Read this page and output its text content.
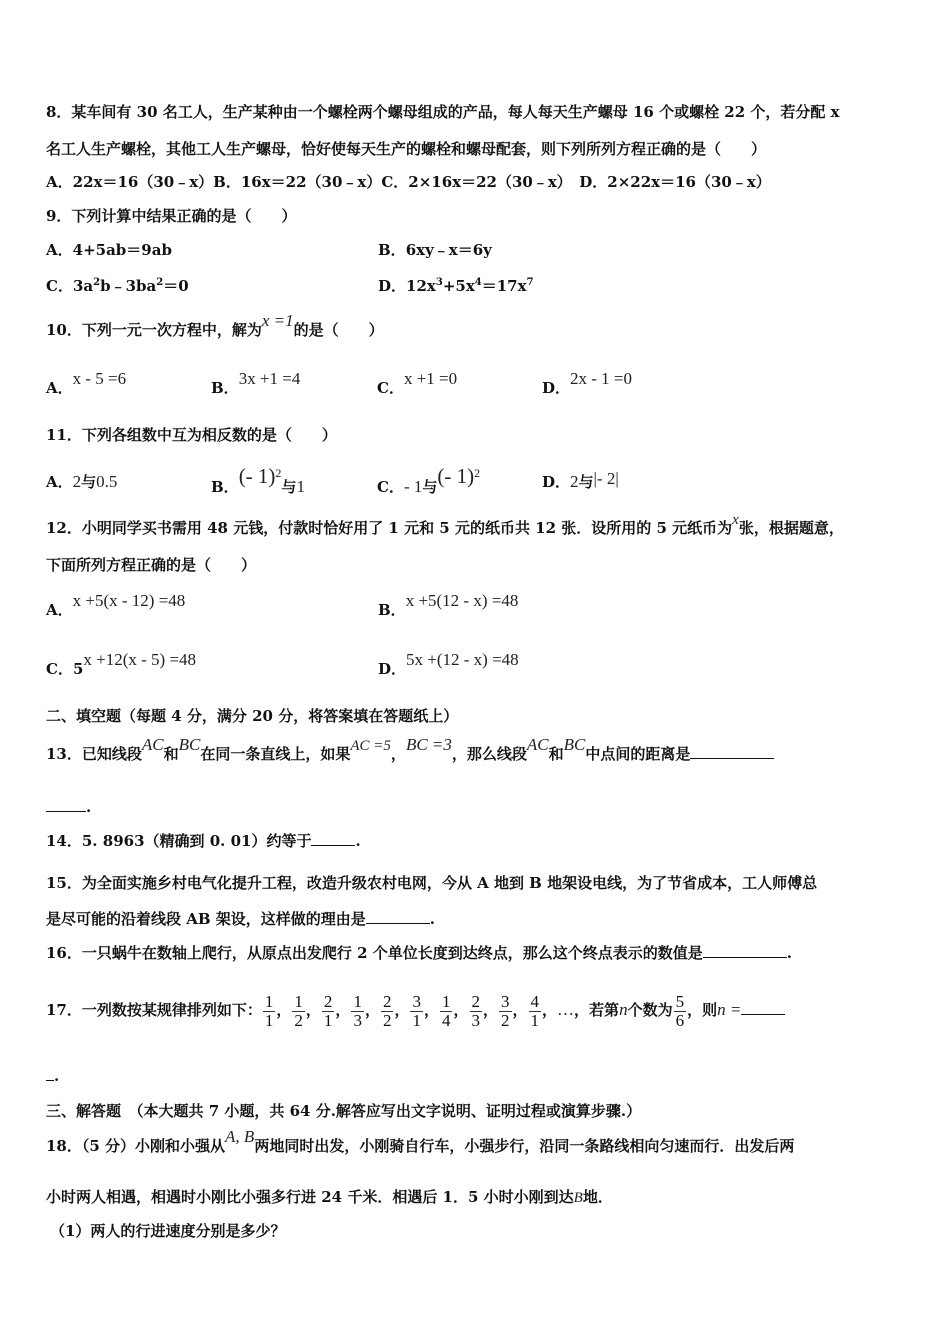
8．某车间有 30 名工人，生产某种由一个螺栓两个螺母组成的产品，每人每天生产螺母 16 个或螺栓 22 个，若分配 x
名工人生产螺栓，其他工人生产螺母，恰好使每天生产的螺栓和螺母配套，则下列所列方程正确的是（　　）
A．22x＝16（30﹣x）B．16x＝22（30﹣x）C．2×16x＝22（30﹣x）　D．2×22x＝16（30﹣x）
9．下列计算中结果正确的是（　　）
A．4+5ab＝9ab	B．6xy﹣x＝6y
C．$3a^2b﹣3ba^2=0$	D．$12x^3+5x^4=17x^7$
10．下列一元一次方程中，解为x =1的是（　　）
A．x - 5 =6	B．3x +1 =4	C．x +1 =0	D．2x - 1 =0
11．下列各组数中互为相反数的是（　　）
A．2与0.5	B．(- 1)$^2$与1	C．- 1与(- 1)$^2$	D．2与|- 2|
12．小明同学买书需用 48 元钱，付款时恰好用了 1 元和 5 元的纸币共 12 张．设所用的 5 元纸币为x张，根据题意，
下面所列方程正确的是（　　）
A．x +5(x - 12) =48	B．x +5(12 - x) =48
C．5x +12(x - 5) =48	D．5x +(12 - x) =48
二、填空题（每题 4 分，满分 20 分，将答案填在答题纸上）
13．已知线段AC和BC在同一条直线上，如果AC =5，BC =3，那么线段AC和BC中点间的距离是
.
14．5. 8963（精确到 0. 01）约等于	.
15．为全面实施乡村电气化提升工程，改造升级农村电网，今从 A 地到 B 地架设电线，为了节省成本，工人师傅总
是尽可能的沿着线段 AB 架设，这样做的理由是	.
16．一只蜗牛在数轴上爬行，从原点出发爬行 2 个单位长度到达终点，那么这个终点表示的数值是	.
17．一列数按某规律排列如下： $\frac{1}{1}$ ， $\frac{1}{2}$ ， $\frac{2}{1}$ ， $\frac{1}{3}$ ， $\frac{2}{2}$ ， $\frac{3}{1}$ ， $\frac{1}{4}$ ， $\frac{2}{3}$ ， $\frac{3}{2}$ ， $\frac{4}{1}$ ，…，若第n个数为 $\frac{5}{6}$ ，则n =
.
三、解答题　（本大题共 7 小题，共 64 分.解答应写出文字说明、证明过程或演算步骤.）
18．（5 分）小刚和小强从A, B两地同时出发，小刚骑自行车，小强步行，沿同一条路线相向匀速而行．出发后两
小时两人相遇，相遇时小刚比小强多行进 24 千米．相遇后 1．5 小时小刚到达B地．
（1）两人的行进速度分别是多少？
